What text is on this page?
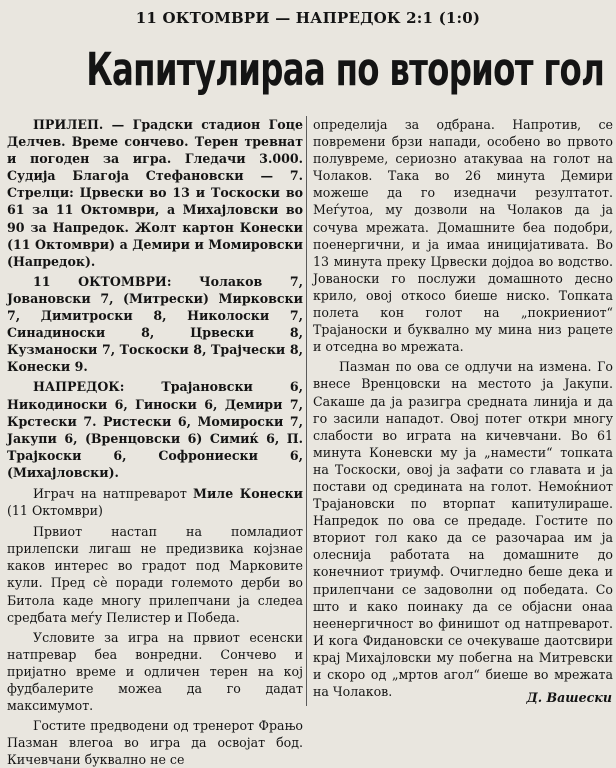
11 ОКТОМВРИ — НАПРЕДОК 2:1 (1:0)
Капитулираа по вториот гол

ПРИЛЕП. — Градски стадион Гоце Делчев. Време сончево. Терен тревнат и погоден за игра. Гледачи 3.000. Судија Благоја Стефановски — 7. Стрелци: Црвески во 13 и Тоскоски во 61 за 11 Октомври, а Михајловски во 90 за Напредок. Жолт картон Конески (11 Октомври) а Демири и Момировски (Напредок).

11 ОКТОМВРИ: Чолаков 7, Јовановски 7, (Митрески) Мирковски 7, Димитроски 8, Николоски 7, Синадиноски 8, Црвески 8, Кузманоски 7, Тоскоски 8, Трајчески 8, Конески 9.

НАПРЕДОК: Трајановски 6, Никодиноски 6, Гиноски 6, Демири 7, Крстески 7. Ристески 6, Момироски 7, Јакупи 6, (Вренцовски 6) Симиќ 6, П. Трајкоски 6, Софрониески 6, (Михајловски).

Играч на натпреварот Миле Конески (11 Октомври)

Првиот настап на помладиот прилепски лигаш не предизвика којзнае каков интерес во градот под Марковите кули. Пред сè поради големото дерби во Битола каде многу прилепчани ја следеа средбата меѓу Пелистер и Победа.

Условите за игра на првиот есенски натпревар беа вонредни. Сончево и пријатно време и одличен терен на кој фудбалерите можеа да го дадат максимумот.

Гостите предводени од тренерот Фрањо Пазман влегоа во игра да освојат бод. Кичевчани буквално не се

определија за одбрана. Напротив, се повремени брзи напади, особено во првото полувреме, сериозно атакуваа на голот на Чолаков. Така во 26 минута Демири можеше да го изедначи резултатот. Меѓутоа, му дозволи на Чолаков да ја сочува мрежата. Домашните беа подобри, поенергични, и ја имаа иницијативата. Во 13 минута преку Црвески дојдоа во водство. Јованоски го послужи домашното десно крило, овој откосо биеше ниско. Топката полета кон голот на „покриениот“ Трајаноски и буквално му мина низ рацете и отседна во мрежата.

Пазман по ова се одлучи на измена. Го внесе Вренцовски на местото ја Јакупи. Сакаше да ја разигра средната линија и да го засили нападот. Овој потег откри многу слабости во играта на кичевчани. Во 61 минута Коневски му ја „намести“ топката на Тоскоски, овој ја зафати со главата и ја постави од средината на голот. Немоќниот Трајановски по вторпат капитулираше. Напредок по ова се предаде. Гостите по вториот гол како да се разочараа им ја олесниja работата на домашните до конечниот триумф. Очигледно беше дека и прилепчани се задоволни од победата. Со што и како поинаку да се објасни онаа неенергичност во финишот од натпреварот. И кога Фидановски се очекуваше даотсвири крај Михајловски му побегна на Митревски и скоро од „мртов агол“ биеше во мрежата на Чолаков.	Д. Вашески
